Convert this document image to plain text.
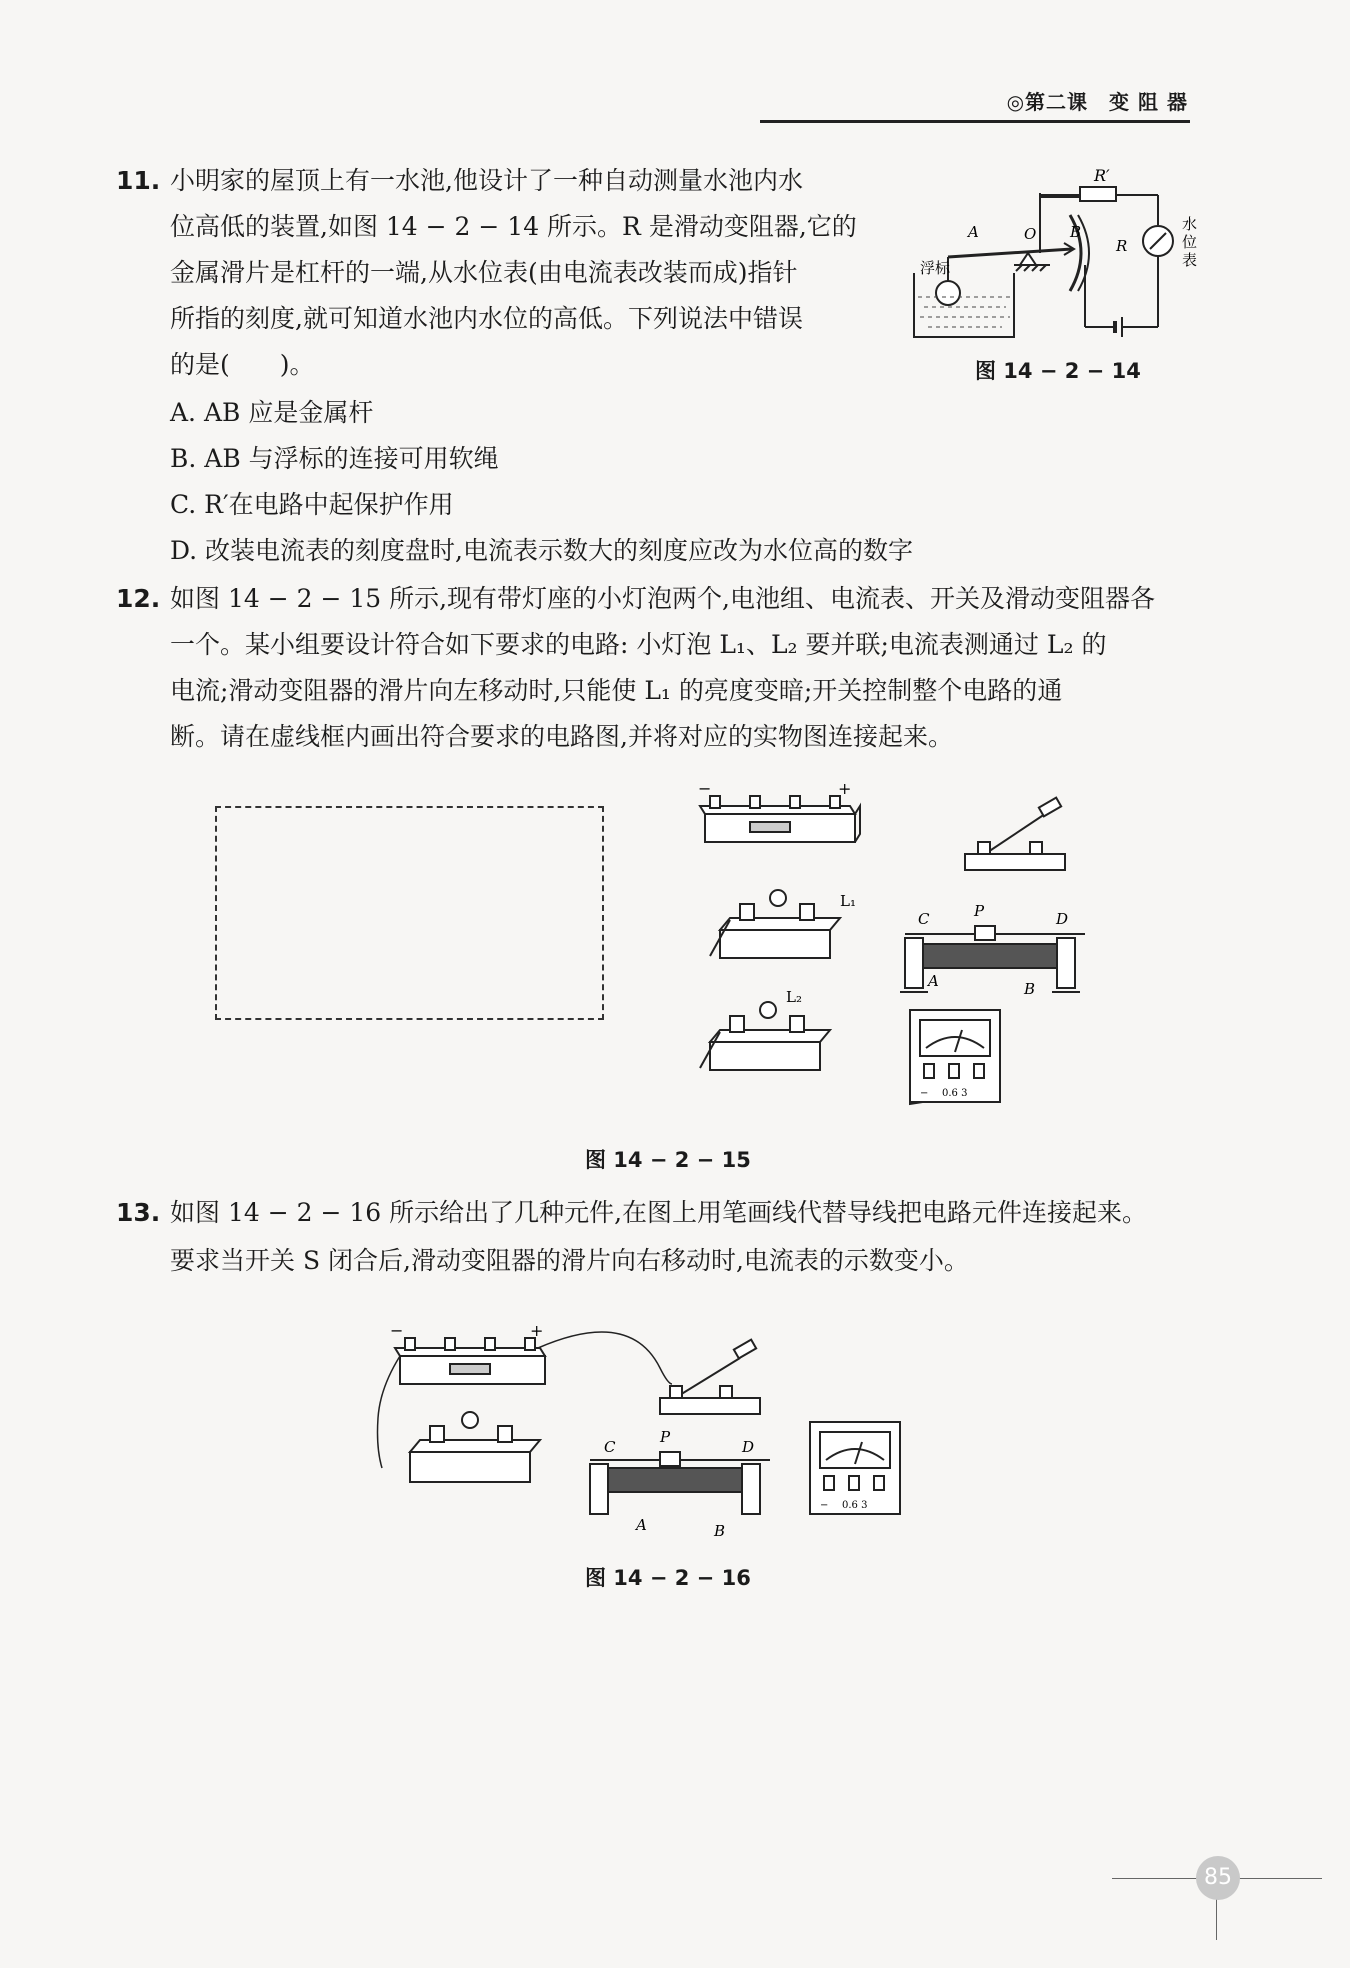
◎第二课　变 阻 器
11. 小明家的屋顶上有一水池,他设计了一种自动测量水池内水
位高低的装置,如图 14 − 2 − 14 所示。R 是滑动变阻器,它的
金属滑片是杠杆的一端,从水位表(由电流表改装而成)指针
所指的刻度,就可知道水池内水位的高低。下列说法中错误
的是(　　)。
A. AB 应是金属杆
B. AB 与浮标的连接可用软绳
C. R′在电路中起保护作用
D. 改装电流表的刻度盘时,电流表示数大的刻度应改为水位高的数字
R′
A	O B
R
浮标
水
位
表
图 14 − 2 − 14
12. 如图 14 − 2 − 15 所示,现有带灯座的小灯泡两个,电池组、电流表、开关及滑动变阻器各
一个。某小组要设计符合如下要求的电路: 小灯泡 L₁、L₂ 要并联;电流表测通过 L₂ 的
电流;滑动变阻器的滑片向左移动时,只能使 L₁ 的亮度变暗;开关控制整个电路的通
断。请在虚线框内画出符合要求的电路图,并将对应的实物图连接起来。
−	+
L₁
L₂
C	P	D
A	B
− 0.6 3
图 14 − 2 − 15
13. 如图 14 − 2 − 16 所示给出了几种元件,在图上用笔画线代替导线把电路元件连接起来。
要求当开关 S 闭合后,滑动变阻器的滑片向右移动时,电流表的示数变小。
−	+
C
P
D
A	B
− 0.6 3
图 14 − 2 − 16
85
